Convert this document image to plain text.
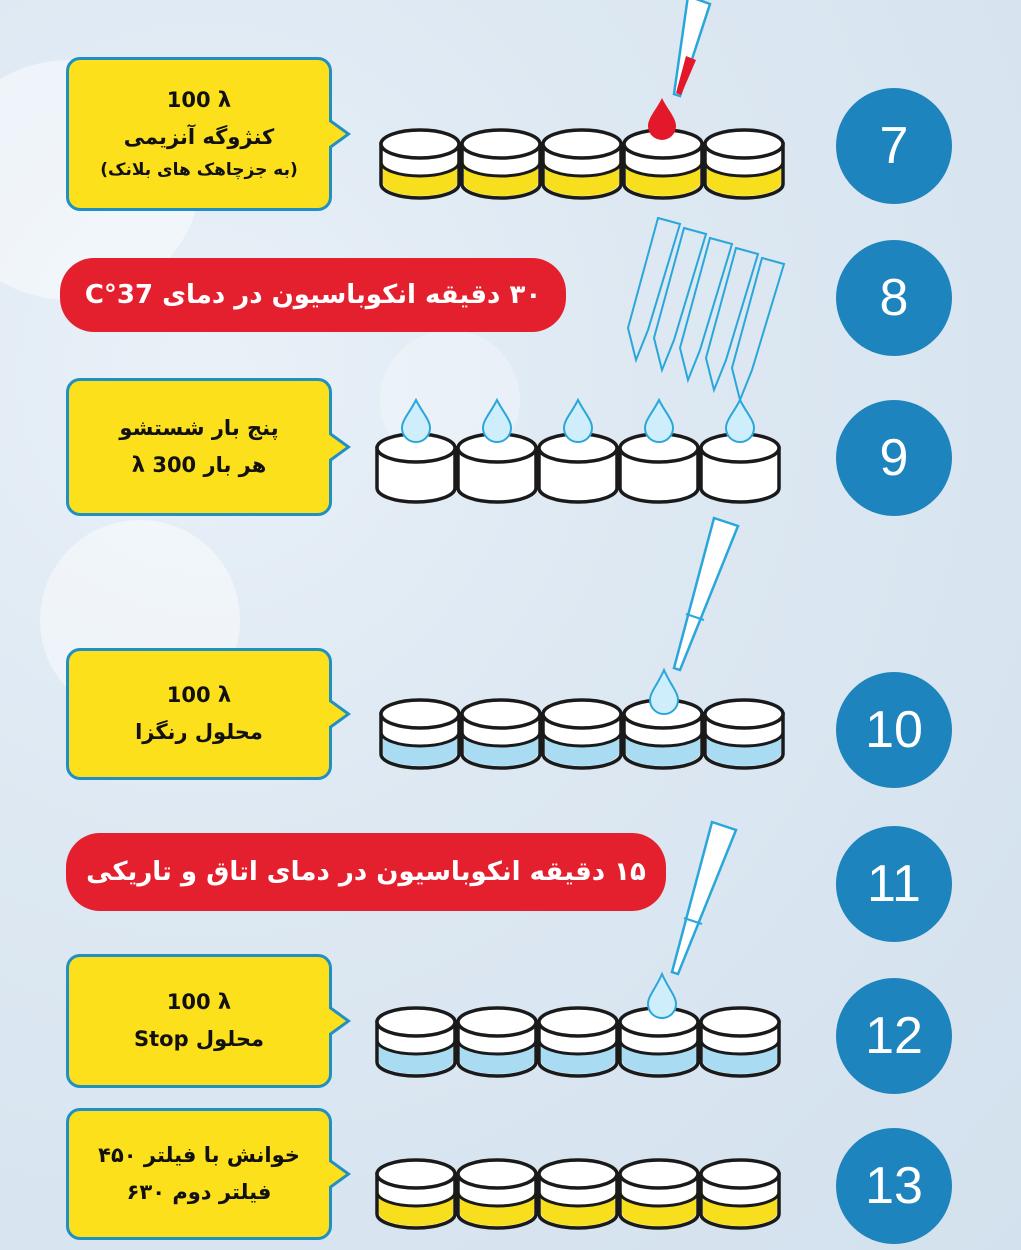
7
100 λ
کنژوگه آنزیمی
(به جزچاهک های بلانک)
8
۳۰ دقیقه انکوباسیون در دمای 37°C
9
پنج بار شستشو
هر بار λ 300
10
100 λ
محلول رنگزا
11
۱۵ دقیقه انکوباسیون در دمای اتاق و تاریکی
12
100 λ
محلول Stop
13
خوانش با فیلتر ۴۵۰
فیلتر دوم ۶۳۰
